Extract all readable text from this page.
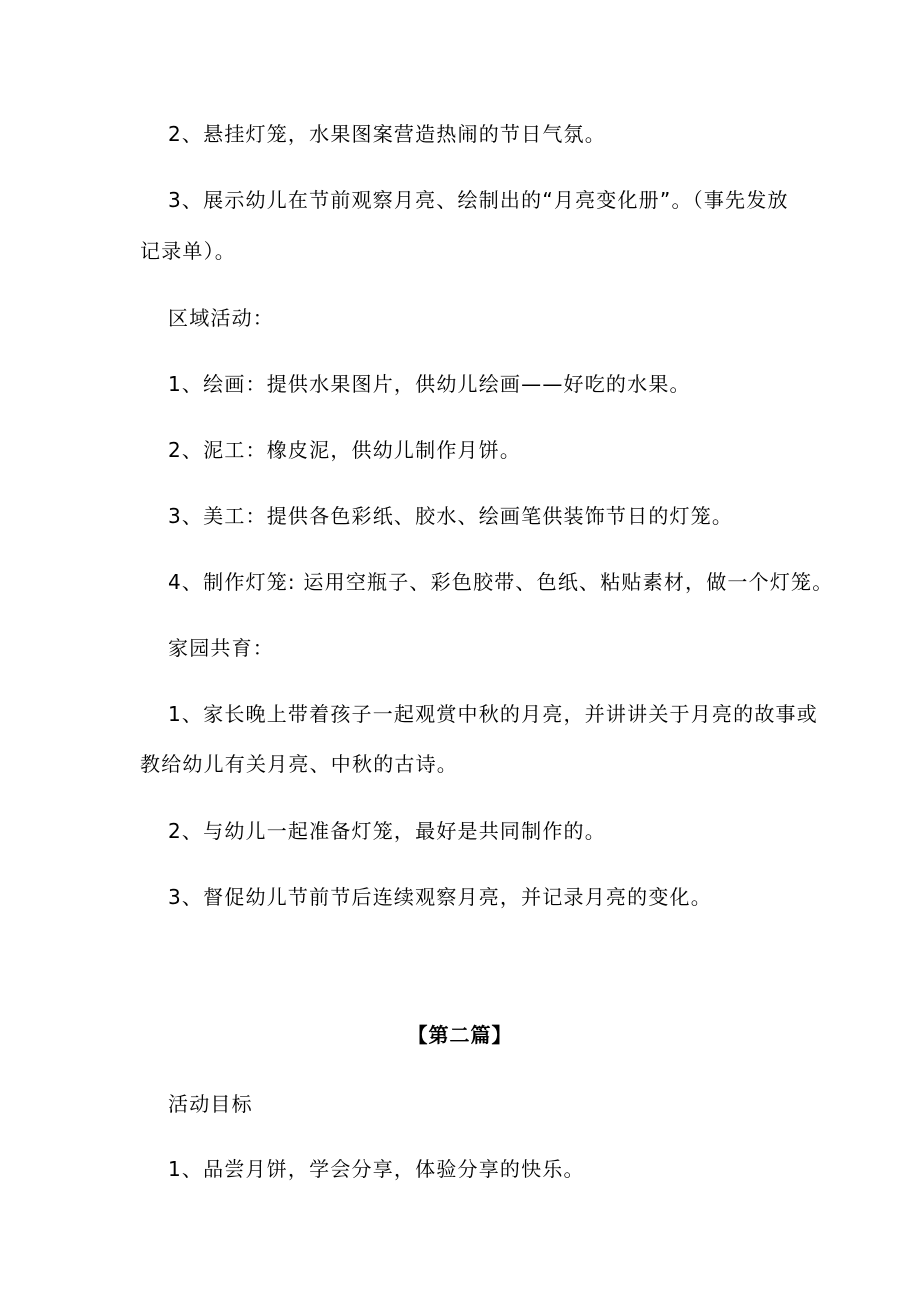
2、悬挂灯笼，水果图案营造热闹的节日气氛。
3、展示幼儿在节前观察月亮、绘制出的“月亮变化册”。（事先发放
记录单）。
区域活动：
1、绘画：提供水果图片，供幼儿绘画——好吃的水果。
2、泥工：橡皮泥，供幼儿制作月饼。
3、美工：提供各色彩纸、胶水、绘画笔供装饰节日的灯笼。
4、制作灯笼: 运用空瓶子、彩色胶带、色纸、粘贴素材，做一个灯笼。
家园共育：
1、家长晚上带着孩子一起观赏中秋的月亮，并讲讲关于月亮的故事或
教给幼儿有关月亮、中秋的古诗。
2、与幼儿一起准备灯笼，最好是共同制作的。
3、督促幼儿节前节后连续观察月亮，并记录月亮的变化。
【第二篇】
活动目标
1、品尝月饼，学会分享，体验分享的快乐。
